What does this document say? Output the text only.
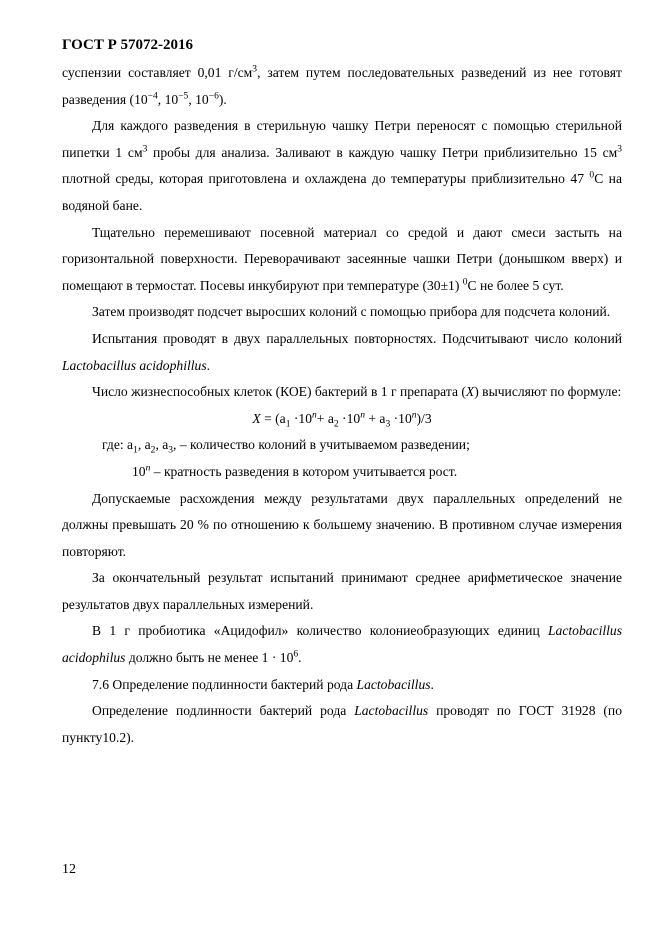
ГОСТ Р 57072-2016

суспензии составляет 0,01 $г/см^3$, затем путем последовательных разведений из нее готовят разведения ($10^{-4}$, $10^{-5}$, $10^{-6}$).

Для каждого разведения в стерильную чашку Петри переносят с помощью стерильной пипетки 1 $см^3$ пробы для анализа. Заливают в каждую чашку Петри приблизительно 15 $см^3$ плотной среды, которая приготовлена и охлаждена до температуры приблизительно 47 $^0$С на водяной бане.

Тщательно перемешивают посевной материал со средой и дают смеси застыть на горизонтальной поверхности. Переворачивают засеянные чашки Петри (донышком вверх) и помещают в термостат. Посевы инкубируют при температуре (30±1) $^0$С не более 5 сут.

Затем производят подсчет выросших колоний с помощью прибора для подсчета колоний.

Испытания проводят в двух параллельных повторностях. Подсчитывают число колоний Lactobacillus acidophillus.

Число жизнеспособных клеток (КОЕ) бактерий в 1 г препарата (X) вычисляют по формуле:

$X = (a_1 \cdot 10^n+ a_2 \cdot 10^n + a_3 \cdot 10^n)/3$

где: $a_1$, $a_2$, $a_3$, – количество колоний в учитываемом разведении;

10$^n$ – кратность разведения в котором учитывается рост.

Допускаемые расхождения между результатами двух параллельных определений не должны превышать 20 % по отношению к большему значению. В противном случае измерения повторяют.

За окончательный результат испытаний принимают среднее арифметическое значение результатов двух параллельных измерений.

В 1 г пробиотика «Ацидофил» количество колониеобразующих единиц Lactobacillus acidophilus должно быть не менее $1 \cdot 10^6$.

7.6 Определение подлинности бактерий рода Lactobacillus.

Определение подлинности бактерий рода Lactobacillus проводят по ГОСТ 31928 (по пункту10.2).

12
